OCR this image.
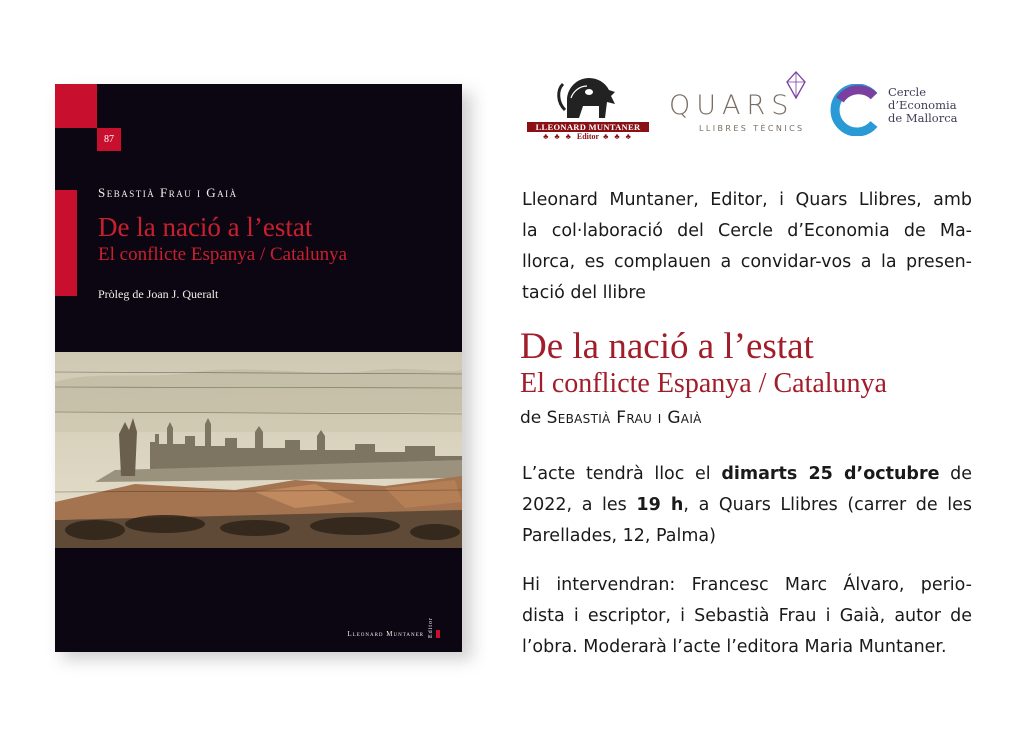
87
Sebastià Frau i Gaià
De la nació a l’estat
El conflicte Espanya / Catalunya
Pròleg de Joan J. Queralt
Lleonard Muntaner Editor
LLEONARD MUNTANER
♣ ♣ ♣ Editor ♣ ♣ ♣
QUARS
LLIBRES TÈCNICS
Cercle
d’Economia
de Mallorca
Lleonard Muntaner, Editor, i Quars Llibres, amb
la col·laboració del Cercle d’Economia de Ma-
llorca, es complauen a convidar-vos a la presen-
tació del llibre
De la nació a l’estat
El conflicte Espanya / Catalunya
de Sebastià Frau i Gaià
L’acte tendrà lloc el dimarts 25 d’octubre de
2022, a les 19 h, a Quars Llibres (carrer de les
Parellades, 12, Palma)
Hi intervendran: Francesc Marc Álvaro, perio-
dista i escriptor, i Sebastià Frau i Gaià, autor de
l’obra. Moderarà l’acte l’editora Maria Muntaner.
